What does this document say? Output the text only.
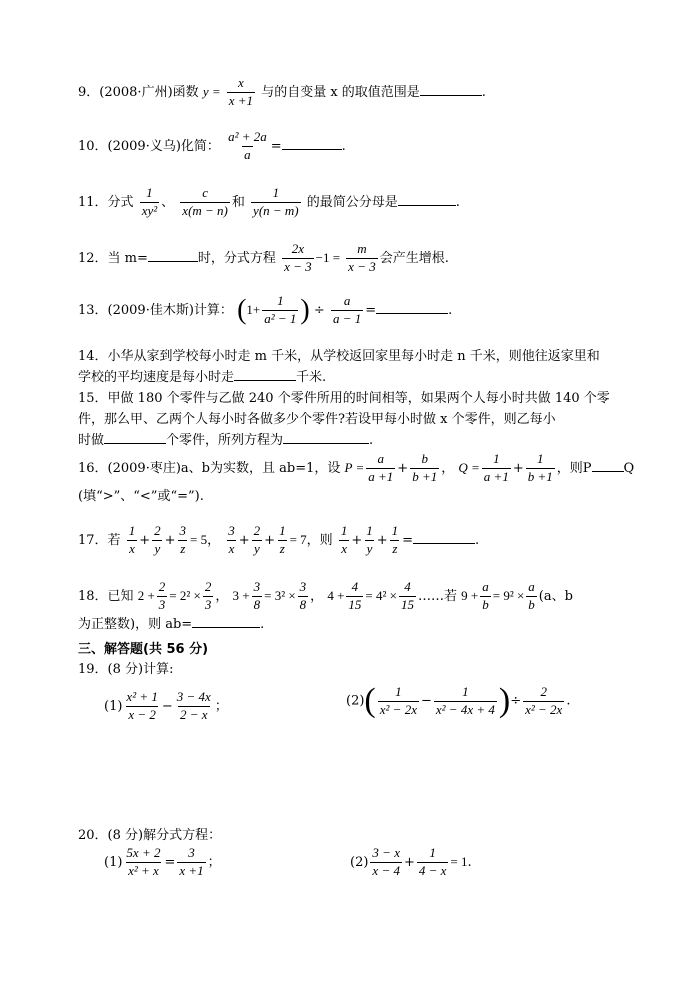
9．(2008·广州)函数 $y = \frac{x}{x +1}$ 与的自变量 x 的取值范围是	.
10．(2009·义乌)化简： $\frac{\text{a² + 2a}}{a}$ =	.
11．分式 $\frac{1}{\text{xy²}}$ 、 $\frac{c}{x(m - n)}$ 和 $\frac{1}{y(n - m)}$ 的最简公分母是	.
12．当 m=	时，分式方程 $\frac{2x}{x - 3} -1 = \frac{m}{x - 3}$ 会产生增根.
13．(2009·佳木斯)计算： ($1+ \frac{1}{\text{a² − 1}}$ ) ÷ $\frac{a}{a - 1}$ =	.
14．小华从家到学校每小时走 m 千米，从学校返回家里每小时走 n 千米，则他往返家里和
学校的平均速度是每小时走	千米.
15．甲做 180 个零件与乙做 240 个零件所用的时间相等，如果两个人每小时共做 140 个零
件，那么甲、乙两个人每小时各做多少个零件?若设甲每小时做 x 个零件，则乙每小
时做	个零件，所列方程为	.
16．(2009·枣庄)a、b为实数，且 ab=1，设 $P = \frac{a}{a +1} + \frac{b}{b +1}$ ， $Q = \frac{1}{a +1} + \frac{1}{b +1}$ ，则P Q
(填“>”、“<”或“=”).
17．若 $\frac{1}{x} + \frac{2}{y} + \frac{3}{z} = 5$， $\frac{3}{x} + \frac{2}{y} + \frac{1}{z} = 7$，则 $\frac{1}{x} + \frac{1}{y} + \frac{1}{z}$ =	.
18．已知 $2 + \frac{2}{3} = 2^2 \times \frac{2}{3}$ ， $3 + \frac{3}{8} = 3^2 \times \frac{3}{8}$ ， $4 + \frac{4}{15} = 4^2 \times \frac{4}{15}$ ……若 $9 + \frac{a}{b} = 9^2 \times \frac{a}{b} (a$、b
为正整数)，则 ab=	.
三、解答题(共 56 分)
19．(8 分)计算:
$(1) \frac{\text{x² + 1}}{x - 2} - \frac{3 - 4x}{2 - x}$ ；	$(2)( \frac{1}{\text{x² − 2x}} - \frac{1}{\text{x² − 4x + 4}}$ )÷ $\frac{2}{\text{x² − 2x}}$ .
20．(8 分)解分式方程：
$(1) \frac{5x + 2}{\text{x² + x}} = \frac{3}{x +1}$ ；	$(2) \frac{3 - x}{x - 4} + \frac{1}{4 - x} = 1$.
